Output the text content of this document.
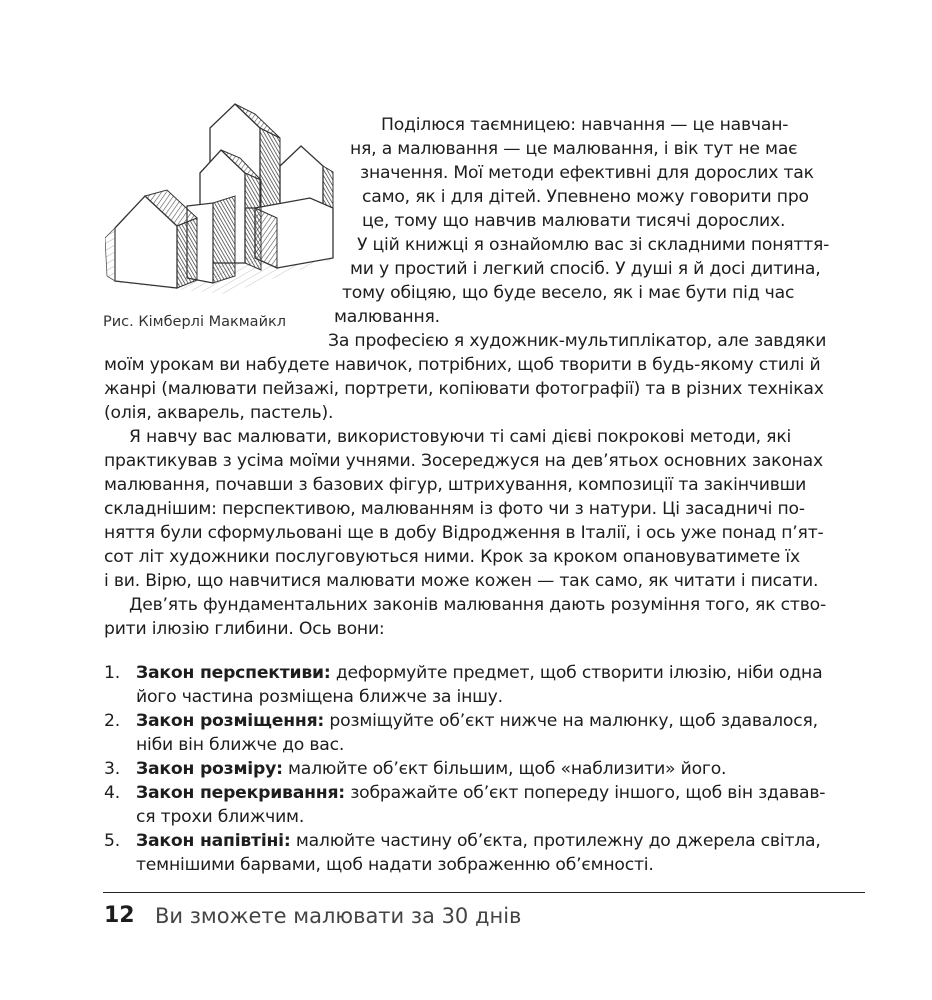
Рис. Кімберлі Макмайкл
Поділюся таємницею: навчання — це навчан-
ня, а малювання — це малювання, і вік тут не має
значення. Мої методи ефективні для дорослих так
само, як і для дітей. Упевнено можу говорити про
це, тому що навчив малювати тисячі дорослих.
У цій книжці я ознайомлю вас зі складними поняття-
ми у простий і легкий спосіб. У душі я й досі дитина,
тому обіцяю, що буде весело, як і має бути під час
малювання.
За професією я художник-мультиплікатор, але завдяки
моїм урокам ви набудете навичок, потрібних, щоб творити в будь-якому стилі й
жанрі (малювати пейзажі, портрети, копіювати фотографії) та в різних техніках
(олія, акварель, пастель).
Я навчу вас малювати, використовуючи ті самі дієві покрокові методи, які
практикував з усіма моїми учнями. Зосереджуся на дев’ятьох основних законах
малювання, почавши з базових фігур, штрихування, композиції та закінчивши
складнішим: перспективою, малюванням із фото чи з натури. Ці засадничі по-
няття були сформульовані ще в добу Відродження в Італії, і ось уже понад п’ят-
сот літ художники послуговуються ними. Крок за кроком опановуватимете їх
і ви. Вірю, що навчитися малювати може кожен — так само, як читати і писати.
Дев’ять фундаментальних законів малювання дають розуміння того, як ство-
рити ілюзію глибини. Ось вони:
1. Закон перспективи: деформуйте предмет, щоб створити ілюзію, ніби одна
його частина розміщена ближче за іншу.
2. Закон розміщення: розміщуйте об’єкт нижче на малюнку, щоб здавалося,
ніби він ближче до вас.
3. Закон розміру: малюйте об’єкт більшим, щоб «наблизити» його.
4. Закон перекривання: зображайте об’єкт попереду іншого, щоб він здавав-
ся трохи ближчим.
5. Закон напівтіні: малюйте частину об’єкта, протилежну до джерела світла,
темнішими барвами, щоб надати зображенню об’ємності.
12 Ви зможете малювати за 30 днів
